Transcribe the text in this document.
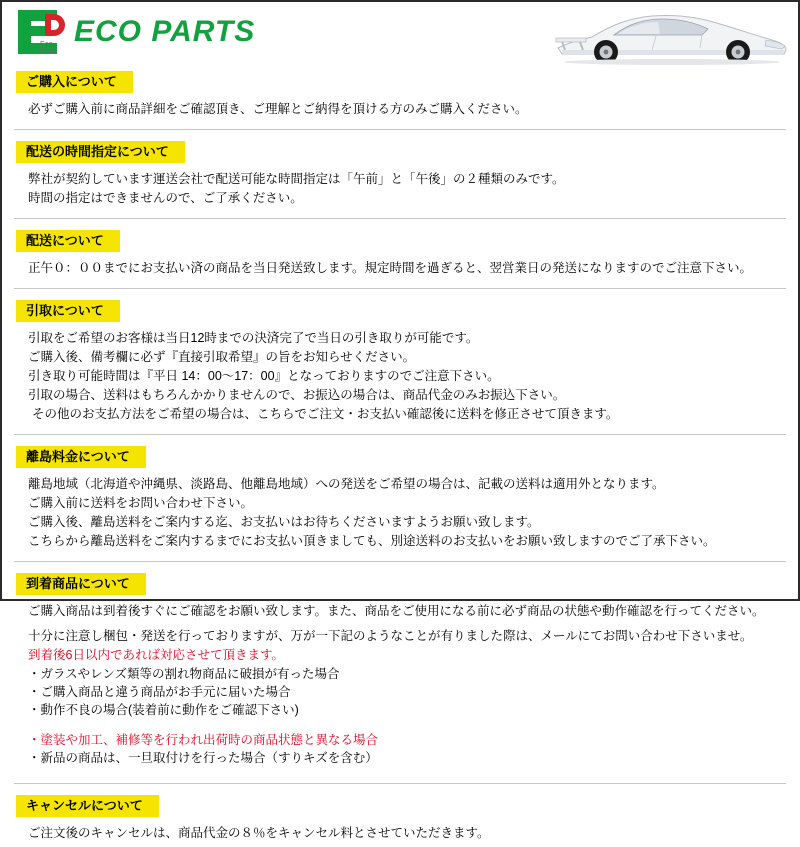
Eco Parts
ECO PARTS
ご購入について
必ずご購入前に商品詳細をご確認頂き、ご理解とご納得を頂ける方のみご購入ください。
配送の時間指定について
弊社が契約しています運送会社で配送可能な時間指定は「午前」と「午後」の２種類のみです。
時間の指定はできませんので、ご了承ください。
配送について
正午０：００までにお支払い済の商品を当日発送致します。規定時間を過ぎると、翌営業日の発送になりますのでご注意下さい。
引取について
引取をご希望のお客様は当日12時までの決済完了で当日の引き取りが可能です。
ご購入後、備考欄に必ず『直接引取希望』の旨をお知らせください。
引き取り可能時間は『平日 14：00〜17：00』となっておりますのでご注意下さい。
引取の場合、送料はもちろんかかりませんので、お振込の場合は、商品代金のみお振込下さい。
その他のお支払方法をご希望の場合は、こちらでご注文・お支払い確認後に送料を修正させて頂きます。
離島料金について
離島地域（北海道や沖縄県、淡路島、他離島地域）への発送をご希望の場合は、記載の送料は適用外となります。
ご購入前に送料をお問い合わせ下さい。
ご購入後、離島送料をご案内する迄、お支払いはお待ちくださいますようお願い致します。
こちらから離島送料をご案内するまでにお支払い頂きましても、別途送料のお支払いをお願い致しますのでご了承下さい。
到着商品について
ご購入商品は到着後すぐにご確認をお願い致します。また、商品をご使用になる前に必ず商品の状態や動作確認を行ってください。
十分に注意し梱包・発送を行っておりますが、万が一下記のようなことが有りました際は、メールにてお問い合わせ下さいませ。
到着後6日以内であれば対応させて頂きます。
・ガラスやレンズ類等の割れ物商品に破損が有った場合
・ご購入商品と違う商品がお手元に届いた場合
・動作不良の場合(装着前に動作をご確認下さい)
・塗装や加工、補修等を行われ出荷時の商品状態と異なる場合
・新品の商品は、一旦取付けを行った場合（すりキズを含む）
キャンセルについて
ご注文後のキャンセルは、商品代金の８％をキャンセル料とさせていただきます。
